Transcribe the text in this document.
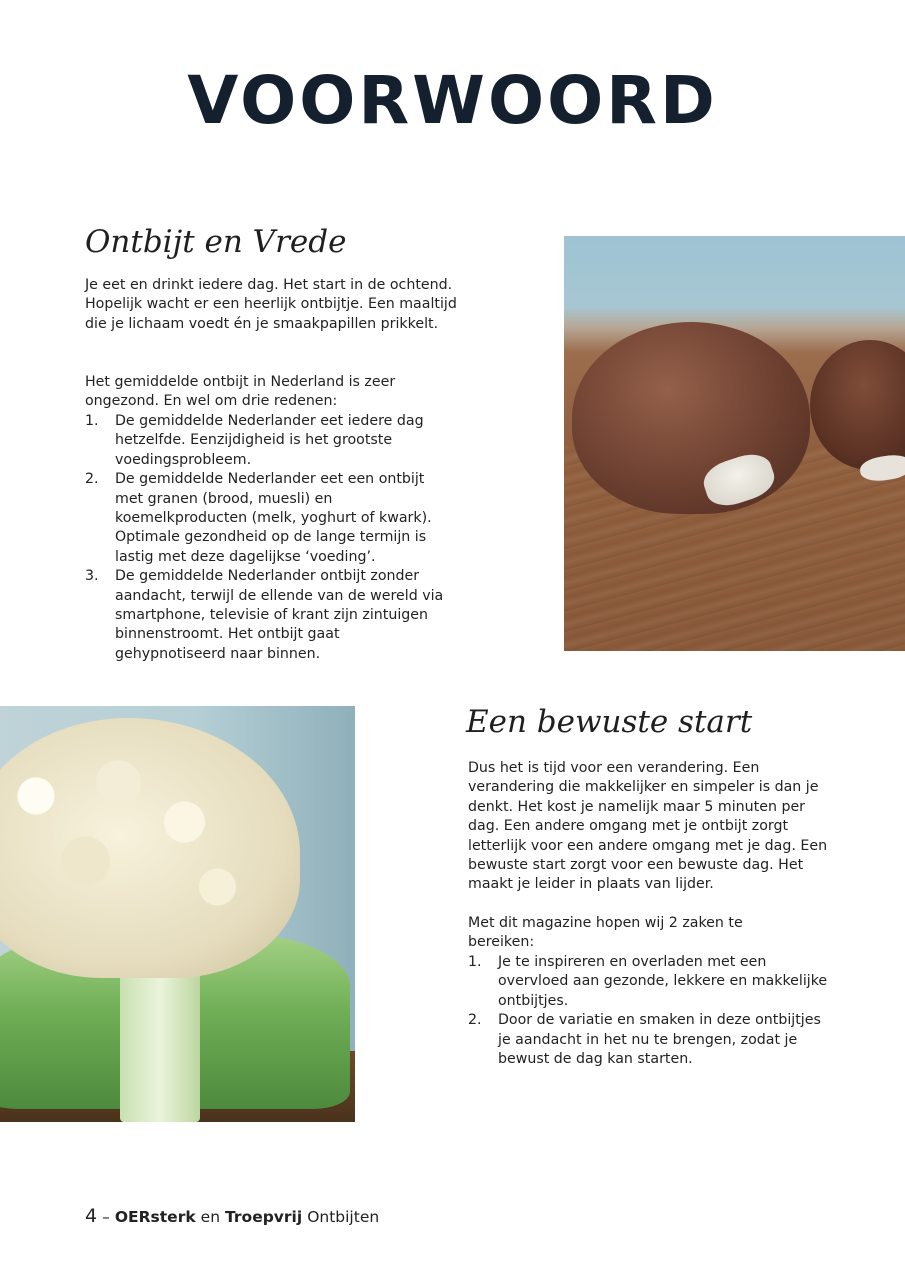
VOORWOORD
Ontbijt en Vrede

Je eet en drinkt iedere dag. Het start in de ochtend. Hopelijk wacht er een heerlijk ontbijtje. Een maaltijd die je lichaam voedt én je smaakpapillen prikkelt.

Het gemiddelde ontbijt in Nederland is zeer ongezond. En wel om drie redenen:

1.	De gemiddelde Nederlander eet iedere dag hetzelfde. Eenzijdigheid is het grootste voedingsprobleem.
2.	De gemiddelde Nederlander eet een ontbijt met granen (brood, muesli) en koemelkproducten (melk, yoghurt of kwark). Optimale gezondheid op de lange termijn is lastig met deze dagelijkse ‘voeding’.
3.	De gemiddelde Nederlander ontbijt zonder aandacht, terwijl de ellende van de wereld via smartphone, televisie of krant zijn zintuigen binnenstroomt. Het ontbijt gaat gehypnotiseerd naar binnen.
Een bewuste start

Dus het is tijd voor een verandering. Een verandering die makkelijker en simpeler is dan je denkt. Het kost je namelijk maar 5 minuten per dag. Een andere omgang met je ontbijt zorgt letterlijk voor een andere omgang met je dag. Een bewuste start zorgt voor een bewuste dag. Het maakt je leider in plaats van lijder.

Met dit magazine hopen wij 2 zaken te bereiken:

1.	Je te inspireren en overladen met een overvloed aan gezonde, lekkere en makkelijke ontbijtjes.
2.	Door de variatie en smaken in deze ontbijtjes je aandacht in het nu te brengen, zodat je bewust de dag kan starten.
4 – OERsterk en Troepvrij Ontbijten
